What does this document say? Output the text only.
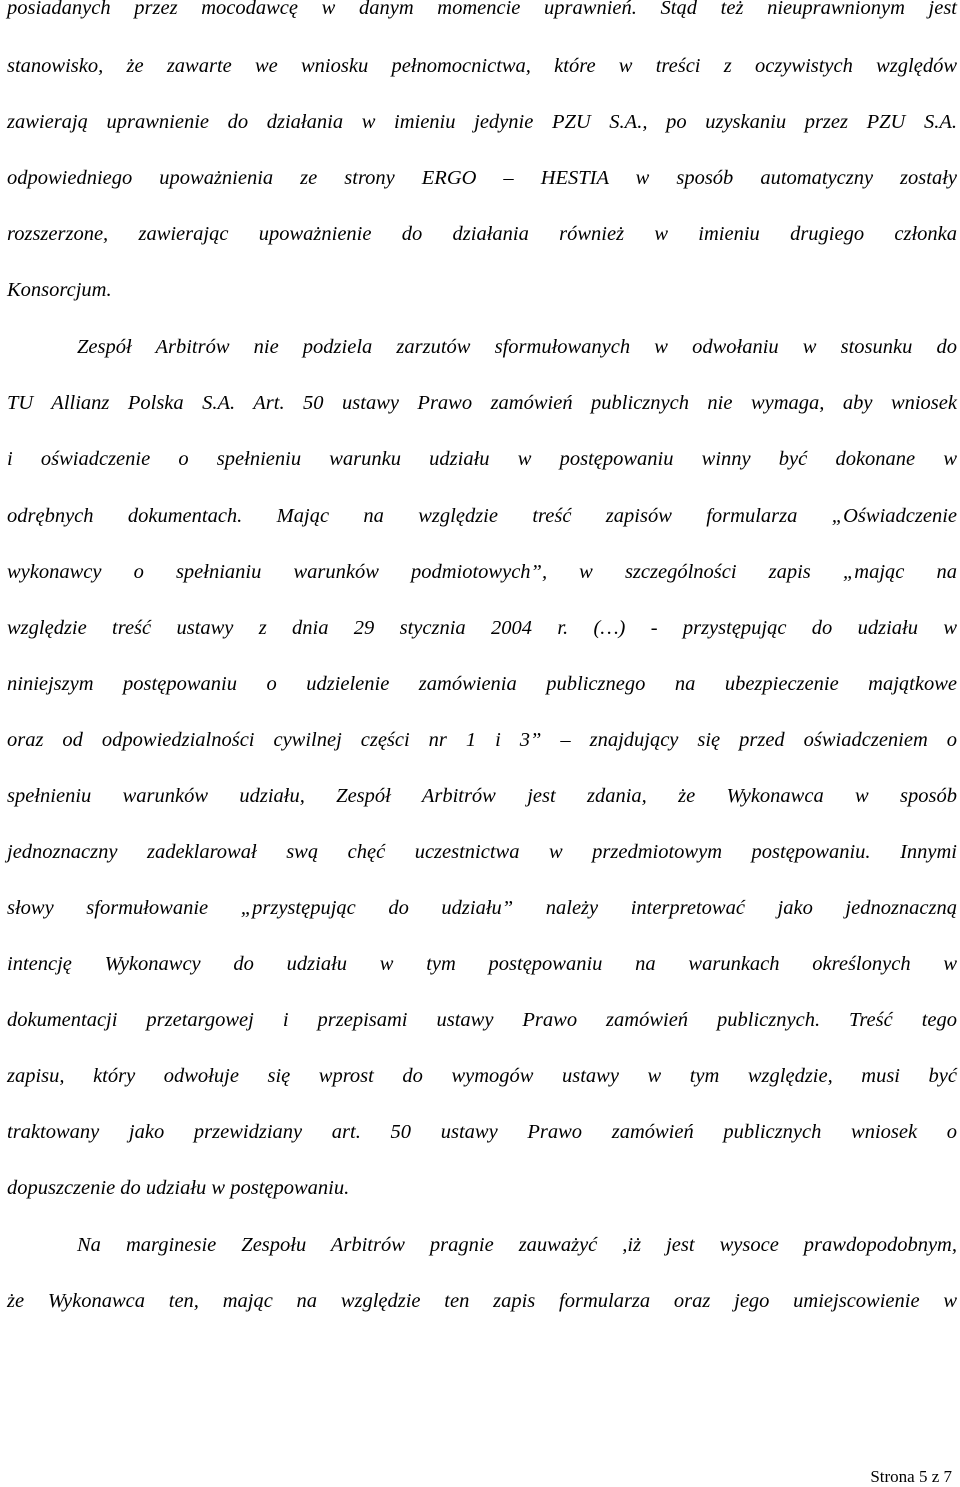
posiadanych przez mocodawcę w danym momencie uprawnień. Stąd też nieuprawnionym jest
stanowisko, że zawarte we wniosku pełnomocnictwa, które w treści z oczywistych względów
zawierają uprawnienie do działania w imieniu jedynie PZU S.A., po uzyskaniu przez PZU S.A.
odpowiedniego upoważnienia ze strony ERGO – HESTIA w sposób automatyczny zostały
rozszerzone, zawierając upoważnienie do działania również w imieniu drugiego członka
Konsorcjum.
Zespół Arbitrów nie podziela zarzutów sformułowanych w odwołaniu w stosunku do
TU Allianz Polska S.A. Art. 50 ustawy Prawo zamówień publicznych nie wymaga, aby wniosek
i oświadczenie o spełnieniu warunku udziału w postępowaniu winny być dokonane w
odrębnych dokumentach. Mając na względzie treść zapisów formularza „Oświadczenie
wykonawcy o spełnianiu warunków podmiotowych”, w szczególności zapis „mając na
względzie treść ustawy z dnia 29 stycznia 2004 r. (…) - przystępując do udziału w
niniejszym postępowaniu o udzielenie zamówienia publicznego na ubezpieczenie majątkowe
oraz od odpowiedzialności cywilnej części nr 1 i 3” – znajdujący się przed oświadczeniem o
spełnieniu warunków udziału, Zespół Arbitrów jest zdania, że Wykonawca w sposób
jednoznaczny zadeklarował swą chęć uczestnictwa w przedmiotowym postępowaniu. Innymi
słowy sformułowanie „przystępując do udziału” należy interpretować jako jednoznaczną
intencję Wykonawcy do udziału w tym postępowaniu na warunkach określonych w
dokumentacji przetargowej i przepisami ustawy Prawo zamówień publicznych. Treść tego
zapisu, który odwołuje się wprost do wymogów ustawy w tym względzie, musi być
traktowany jako przewidziany art. 50 ustawy Prawo zamówień publicznych wniosek o
dopuszczenie do udziału w postępowaniu.
Na marginesie Zespołu Arbitrów pragnie zauważyć ,iż jest wysoce prawdopodobnym,
że Wykonawca ten, mając na względzie ten zapis formularza oraz jego umiejscowienie w
Strona 5 z 7
